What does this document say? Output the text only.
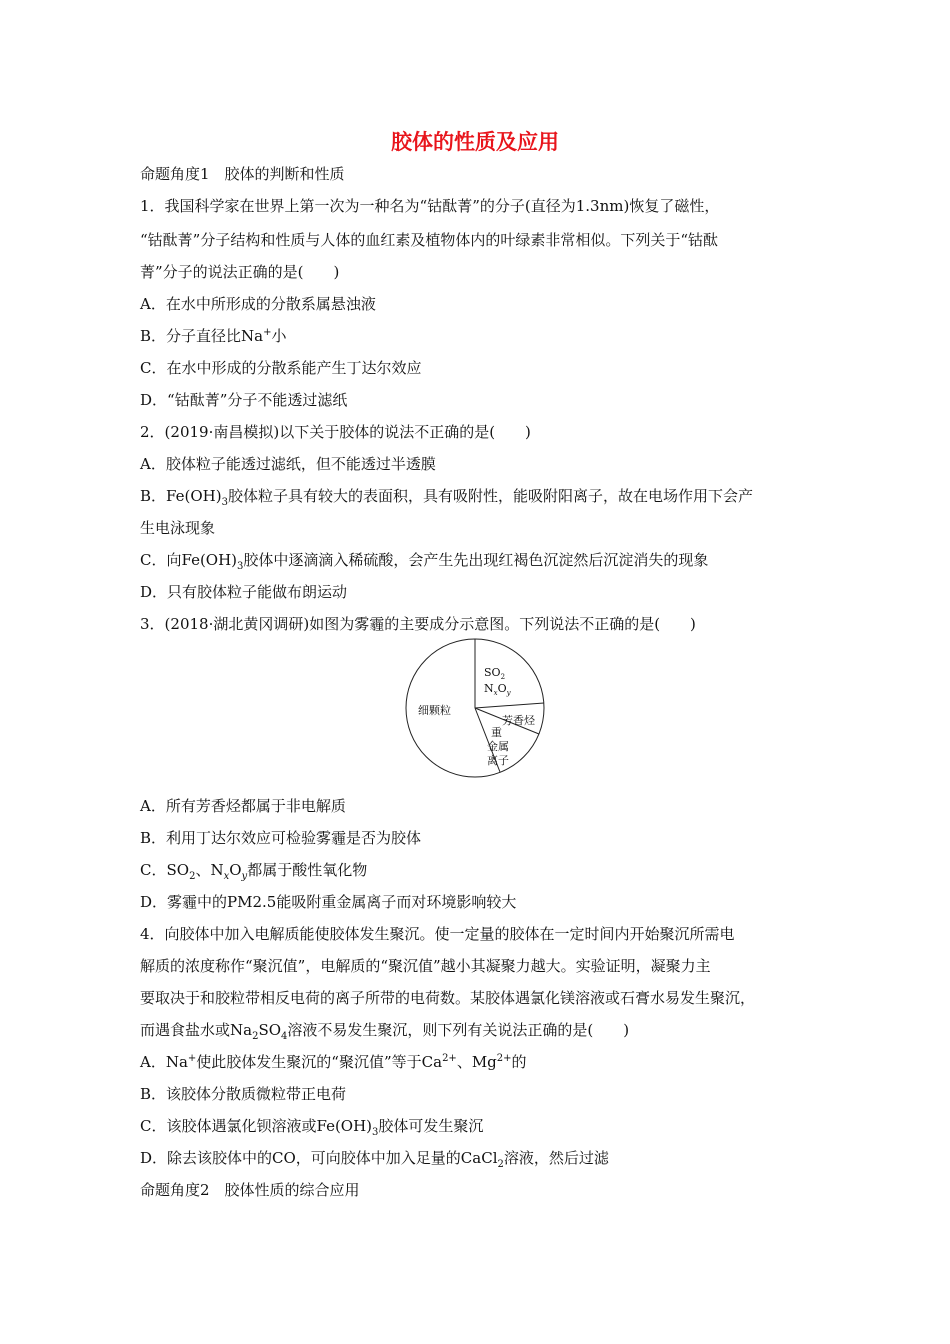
胶体的性质及应用
命题角度1　胶体的判断和性质
1．我国科学家在世界上第一次为一种名为“钴酞菁”的分子(直径为1.3nm)恢复了磁性，
“钴酞菁”分子结构和性质与人体的血红素及植物体内的叶绿素非常相似。下列关于“钴酞
菁”分子的说法正确的是(　　)
A．在水中所形成的分散系属悬浊液
B．分子直径比Na+小
C．在水中形成的分散系能产生丁达尔效应
D．“钴酞菁”分子不能透过滤纸
2．(2019·南昌模拟)以下关于胶体的说法不正确的是(　　)
A．胶体粒子能透过滤纸，但不能透过半透膜
B．$Fe(OH)_3$胶体粒子具有较大的表面积，具有吸附性，能吸附阳离子，故在电场作用下会产
生电泳现象
C．向$Fe(OH)_3$胶体中逐滴滴入稀硫酸，会产生先出现红褐色沉淀然后沉淀消失的现象
D．只有胶体粒子能做布朗运动
3．(2018·湖北黄冈调研)如图为雾霾的主要成分示意图。下列说法不正确的是(　　)
细颗粒
$SO_2$
$N_xO_y$
芳香烃
重
金属
离子
A．所有芳香烃都属于非电解质
B．利用丁达尔效应可检验雾霾是否为胶体
C．$SO_2$、$N_xO_y$都属于酸性氧化物
D．雾霾中的PM2.5能吸附重金属离子而对环境影响较大
4．向胶体中加入电解质能使胶体发生聚沉。使一定量的胶体在一定时间内开始聚沉所需电
解质的浓度称作“聚沉值”，电解质的“聚沉值”越小其凝聚力越大。实验证明，凝聚力主
要取决于和胶粒带相反电荷的离子所带的电荷数。某胶体遇氯化镁溶液或石膏水易发生聚沉，
而遇食盐水或$Na_2SO_4$溶液不易发生聚沉，则下列有关说法正确的是(　　)
A．Na+使此胶体发生聚沉的“聚沉值”等于$Ca^{2+}$、$Mg^{2+}$的
B．该胶体分散质微粒带正电荷
C．该胶体遇氯化钡溶液或$Fe(OH)_3$胶体可发生聚沉
D．除去该胶体中的CO，可向胶体中加入足量的CaCl$_2$溶液，然后过滤
命题角度2　胶体性质的综合应用
